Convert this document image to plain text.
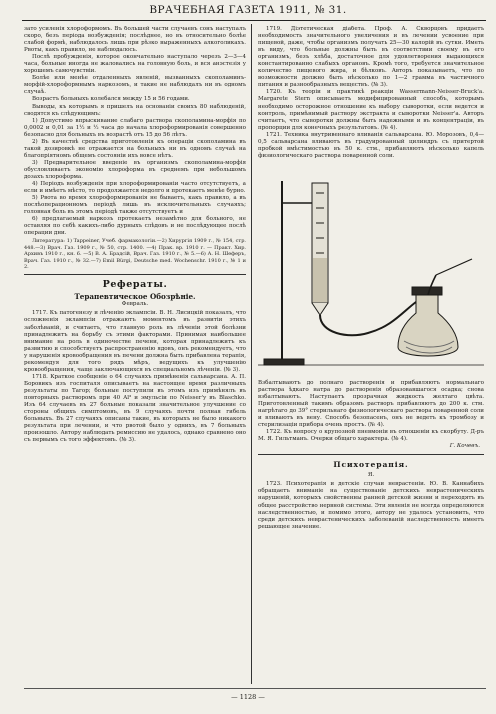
ВРАЧЕБНАЯ ГАЗЕТА 1911, № 31.

зато усиленія хлороформомъ. Въ большей части случаевъ сонъ наступалъ скоро, безъ періода возбужденія; послѣднее, но въ относительно болѣе слабой формѣ, наблюдалось лишь при рѣзко выраженныхъ алкоголикахъ. Рвоты, какъ правило, не наблюдалось.

Послѣ пробужденія, которое окончательно наступало черезъ 2—3—4 часа, больные иногда не жаловались на головную боль, и вся анэстезія у хорошемъ самочувствіи.

Болѣе или менѣе отдаленныхъ явленій, вызванныхъ скополаминъ-морфій-хлороформнымъ наркозомъ, и такие не наблюдалъ ни въ одномъ случаѣ.

Возрастъ больныхъ колебался между 15 и 56 годами.

Выводы, къ которымъ я пришелъ на основаніи своихъ 80 наблюденій, сводятся къ слѣдующимъ:

1) Допустимо впрыскивание слабаго раствора скополамина-морфія по 0,0002 и 0,01 за 1½ и ½ часа до начала хлороформированія совершенно безопасно для больныхъ въ возрастѣ отъ 15 до 56 лѣтъ.

2) Въ качествѣ средства приготовленія къ операціи скополамина въ такой дозировкѣ не отражается на больныхъ ни въ одномъ случаѣ на благопріятномъ общемъ состояніи ихъ вовсе нѣтъ.

3) Предварительное введеніе въ организмъ скополамина-морфія обусловливаетъ экономію хлороформа въ среднемъ при небольшомъ дозахъ хлороформа.

4) Періодъ возбужденія при хлороформированіи часто отсутствуетъ, а если и имѣетъ мѣсто, то продолжается недолго и протекаетъ менѣе бурно.

5) Рвота во время хлороформированія не бываетъ, какъ правило, а въ послѣоперационномъ періодѣ лишь въ исключительныхъ случаяхъ; головная боль въ этомъ періодѣ также отсутствуетъ и

6) предлагаемый наркозъ протекаетъ незамѣтно для больного, не оставляя по себѣ какихъ-либо дурныхъ слѣдовъ и не послѣдующее послѣ операции дни.

Литература: 1) Tappeiner, Учеб. фармакологіи.—2) Хирургія 1909 г., № 154, стр. 448.—3) Врач. Газ. 1909 г., № 50, стр. 1400. —4) Прак. вр. 1910 г. — Практ. Хир. Архивъ 1910 г., кн. 6. —5) В. А. Брадсій, Врач. Газ. 1910 г., № 5.—6) А. Н. Шеферъ, Врач. Газ. 1910 г., № 32.—7) Emil Bürgi, Deutsche med. Wochenschr. 1910 г., № 1 и 2.

Рефераты.
Терапевтическое Обозрѣніе.
Февраль.

1717. Къ патогенезу и лѣченію эклампсіи. В. Н. Лисицкій показалъ, что осложненія эклампсіи отражаютъ моментомъ въ развитіи этихъ заболѣваній, и считаетъ, что главную роль въ лѣченіи этой болѣзни принадлежитъ на борьбу съ этими факторами. Принимая наибольшее внимание на роль в одиночестве печени, которая принадлежитъ къ развитию и способствуетъ распространенію ядовъ, онъ рекомендуетъ, что у нарушенія кровообращения въ печени должна быть прибавлена терапія, рекомендуя для того рядъ мѣръ, ведущихъ къ улучшенію кровообращения, чаще заключающихся въ специальномъ лѣченіи. (№ 3).

1718. Краткое сообщеніе о 64 случаяхъ примѣненія сальварсана. А. П. Боровикъ изъ госпиталя описываетъ на настоящее время различныхъ результаты по Тагор; больные поступили въ этомъ изъ примѣнялъ въ повторныхъ растворомъ при 40 Al³ и эмульсіи по Neisser'у въ Blaschko. Изъ 64 случаевъ въ 27 больные показали значительное улучшение со стороны общихъ симптомовъ, въ 9 случаяхъ почти полная гибель больныхъ. Въ 27 случаяхъ описаны такие, въ которыхъ не было никакого результата при лечении, и что рвотой было у однихъ, въ 7 больныхъ произошло. Автору наблюдать ремиссию не удалось, однако сравнено оно съ первымъ съ того эффектомъ. (№ 3).

1719. Діэтетическая діабета. Проф. А. Скворцовъ придаетъ необходимость значительного увеличения и въ лечении усвоение при пищевой, даже, чтобы организмъ получать 25—30 калорій въ сутки. Иметь въ виду, что больные должны быть въ соответствии своему въ его организмъ, безъ хлѣба, достаточное для удовлетворения выдающихся константированно слабыхъ органовъ. Кромѣ того, требуется значительное количество пищевого жира, и бѣлковъ. Авторъ показываетъ, что по возможности должно быть нѣсколько по 1—2 грамма въ частичного питания и разнообразныхъ веществъ. (№ 3).

1720. Къ теоріи и практикѣ реакціи Wassermann-Neisser-Bruck'а. Margarete Stern описываетъ модифицированный способъ, которымъ необходимо осторожное отношение къ выбору сыворотки, если ведется и контроль, примѣнимый раствору экстракта и сыворотки Neisser'а. Авторъ считаетъ, что сыворотки должны быть надежными и въ концентрацiи, въ пропорции для конечныхъ результатовъ. (№ 4).

1721. Техника внутривеннаго вливанія сальварсана. Ю. Морозовъ, 0,4—0,5 сальварсана вливаютъ въ градуированный цилиндръ съ притертой пробкой вмѣстимостью въ 50 к. стм., прибавляютъ нѣсколько капель физиологическаго раствора поваренной соли.

Взбалтываютъ до полнаго растворенія и прибавляютъ нормальнаго раствора ѣдкаго натра до растворенія образовавшагося осадка; снова взбалтываютъ. Наступаетъ прозрачная жидкость желтаго цвѣта. Приготовленный такимъ образомъ растворъ прибавляютъ до 200 к. стм. нагрѣтаго до 39° стерильнаго физиологическаго раствора поваренной соли и вливаютъ въ вену. Способъ безопасенъ, онъ не ведетъ къ тромбозу и стерилизаціи прибора очень простъ. (№ 4).

1722. Къ вопросу о крупозной пневмоніи въ отношеніи къ скорбуту. Д-ръ М. Я. Гильтманъ. Очерки общаго характера. (№ 4).

Г. Кочевъ.
Психотерапія.
Я.

1723. Психотерапія и детскіе случаи неврастеніи. Ю. В. Каннабихъ обращаетъ вниманіе на существованіе детскихъ неврастеническихъ нарушеній, которыхъ свойственны ранней детской жизни и переходятъ въ общее расстройство нервной системы. Эти явленія не всегда определяются наследственностью, и помимо этого, автору не удалось установить, что среди детскихъ неврастеническихъ заболеваній наследственность имеетъ решающее значение.

— 1128 —
